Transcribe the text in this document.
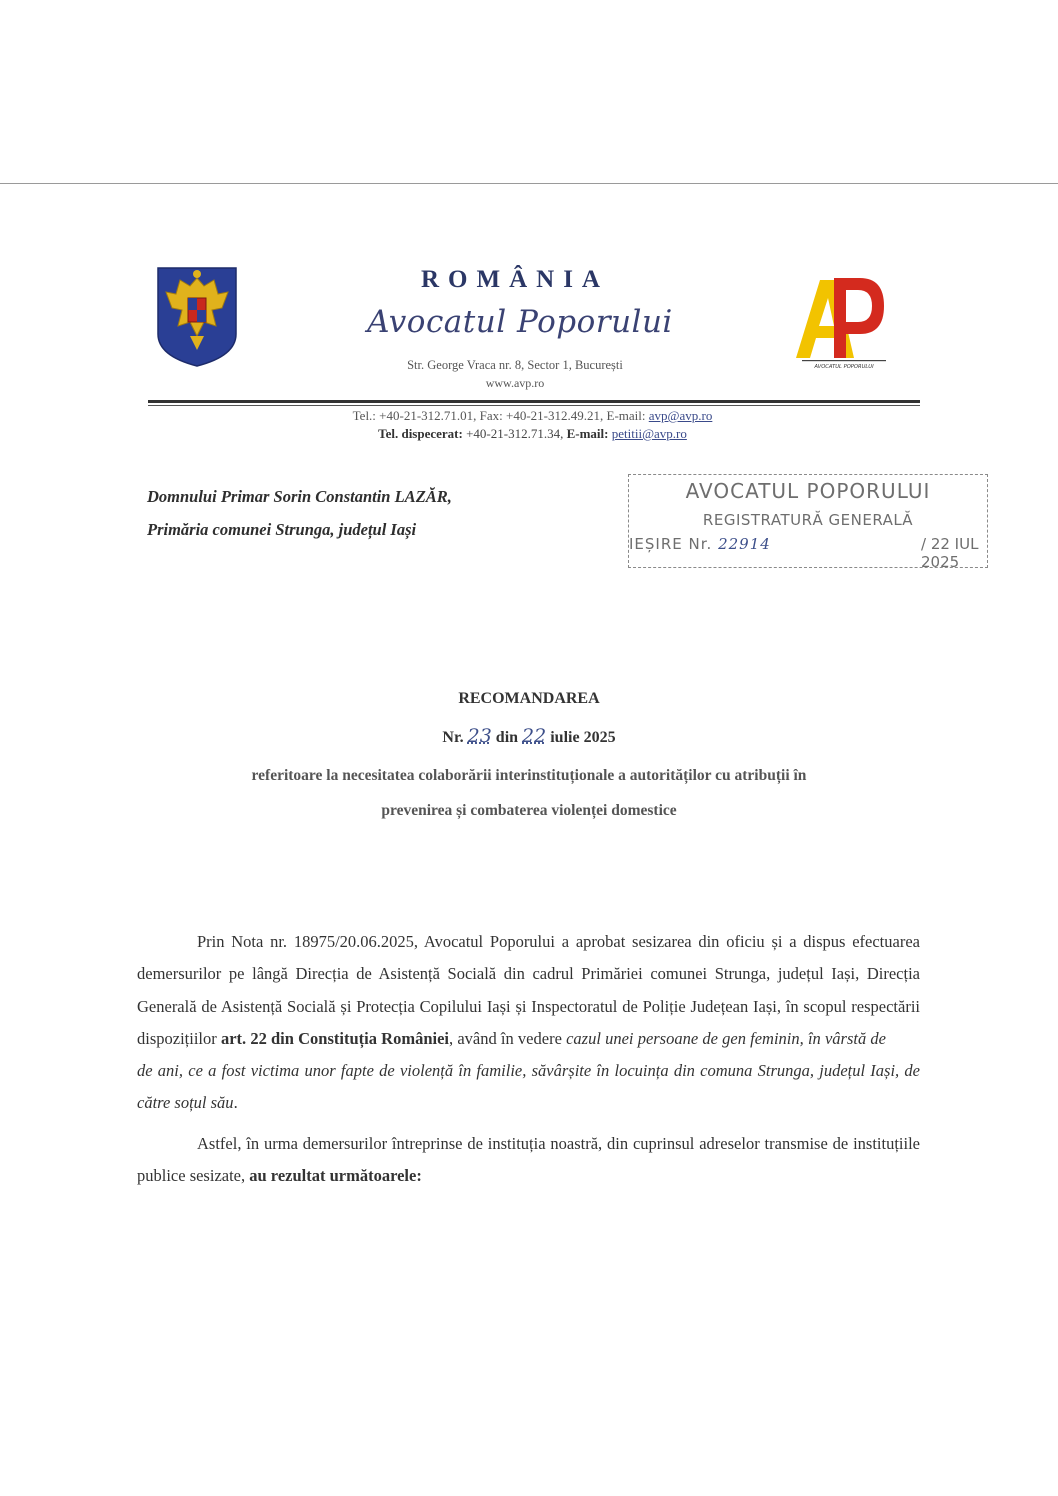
ROMÂNIA
Avocatul Poporului
Str. George Vraca nr. 8, Sector 1, București
www.avp.ro
AVOCATUL POPORULUI
Tel.: +40-21-312.71.01, Fax: +40-21-312.49.21, E-mail: avp@avp.ro
Tel. dispecerat: +40-21-312.71.34, E-mail: petitii@avp.ro
Domnului Primar Sorin Constantin LAZĂR,
Primăria comunei Strunga, județul Iași
AVOCATUL POPORULUI
REGISTRATURĂ GENERALĂ
IEȘIRE Nr. 22914	/ 22 IUL 2025
RECOMANDAREA
Nr. 23 din 22 iulie 2025
referitoare la necesitatea colaborării interinstituționale a autorităților cu atribuții în
prevenirea și combaterea violenței domestice

Prin Nota nr. 18975/20.06.2025, Avocatul Poporului a aprobat sesizarea din oficiu și a dispus efectuarea demersurilor pe lângă Direcția de Asistență Socială din cadrul Primăriei comunei Strunga, județul Iași, Direcția Generală de Asistență Socială și Protecția Copilului Iași și Inspectoratul de Poliție Județean Iași, în scopul respectării dispozițiilor art. 22 din Constituția României, având în vedere cazul unei persoane de gen feminin, în vârstă dede ani, ce a fost victima unor fapte de violență în familie, săvârșite în locuința din comuna Strunga, județul Iași, de către soțul său.

Astfel, în urma demersurilor întreprinse de instituția noastră, din cuprinsul adreselor transmise de instituțiile publice sesizate, au rezultat următoarele:
